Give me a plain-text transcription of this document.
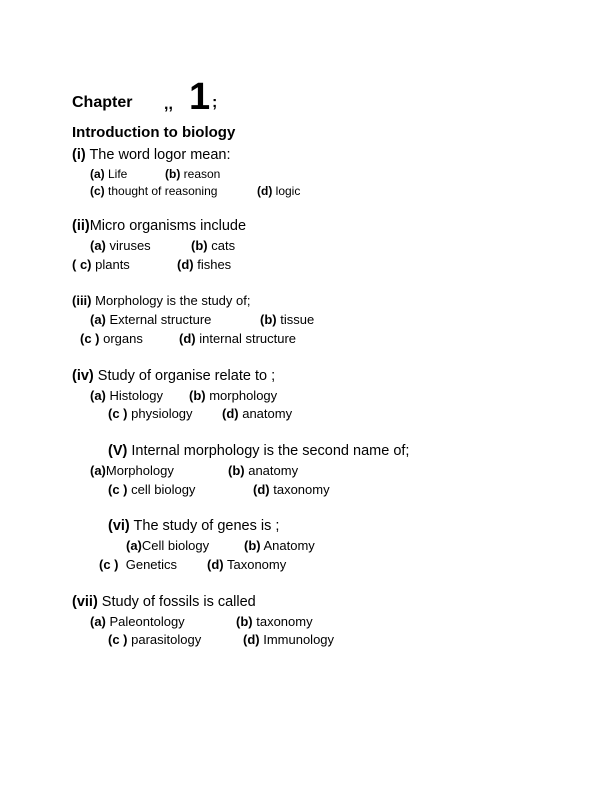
Chapter ,, 1 ;
Introduction to biology
(i) The word logor mean:
(a) Life	(b) reason
(c) thought of reasoning	(d) logic
(ii)Micro organisms include
(a) viruses	(b) cats
( c) plants	(d) fishes
(iii) Morphology is the study of;
(a) External structure	(b) tissue
(c ) organs	(d) internal structure
(iv) Study of organise relate to ;
(a) Histology (b) morphology
(c ) physiology (d) anatomy
(V) Internal morphology is the second name of;
(a)Morphology	(b) anatomy
(c ) cell biology	(d) taxonomy
(vi) The study of genes is ;
(a)Cell biology	(b) Anatomy
(c )  Genetics (d) Taxonomy
(vii) Study of fossils is called
(a) Paleontology	(b) taxonomy
(c ) parasitology	(d) Immunology
